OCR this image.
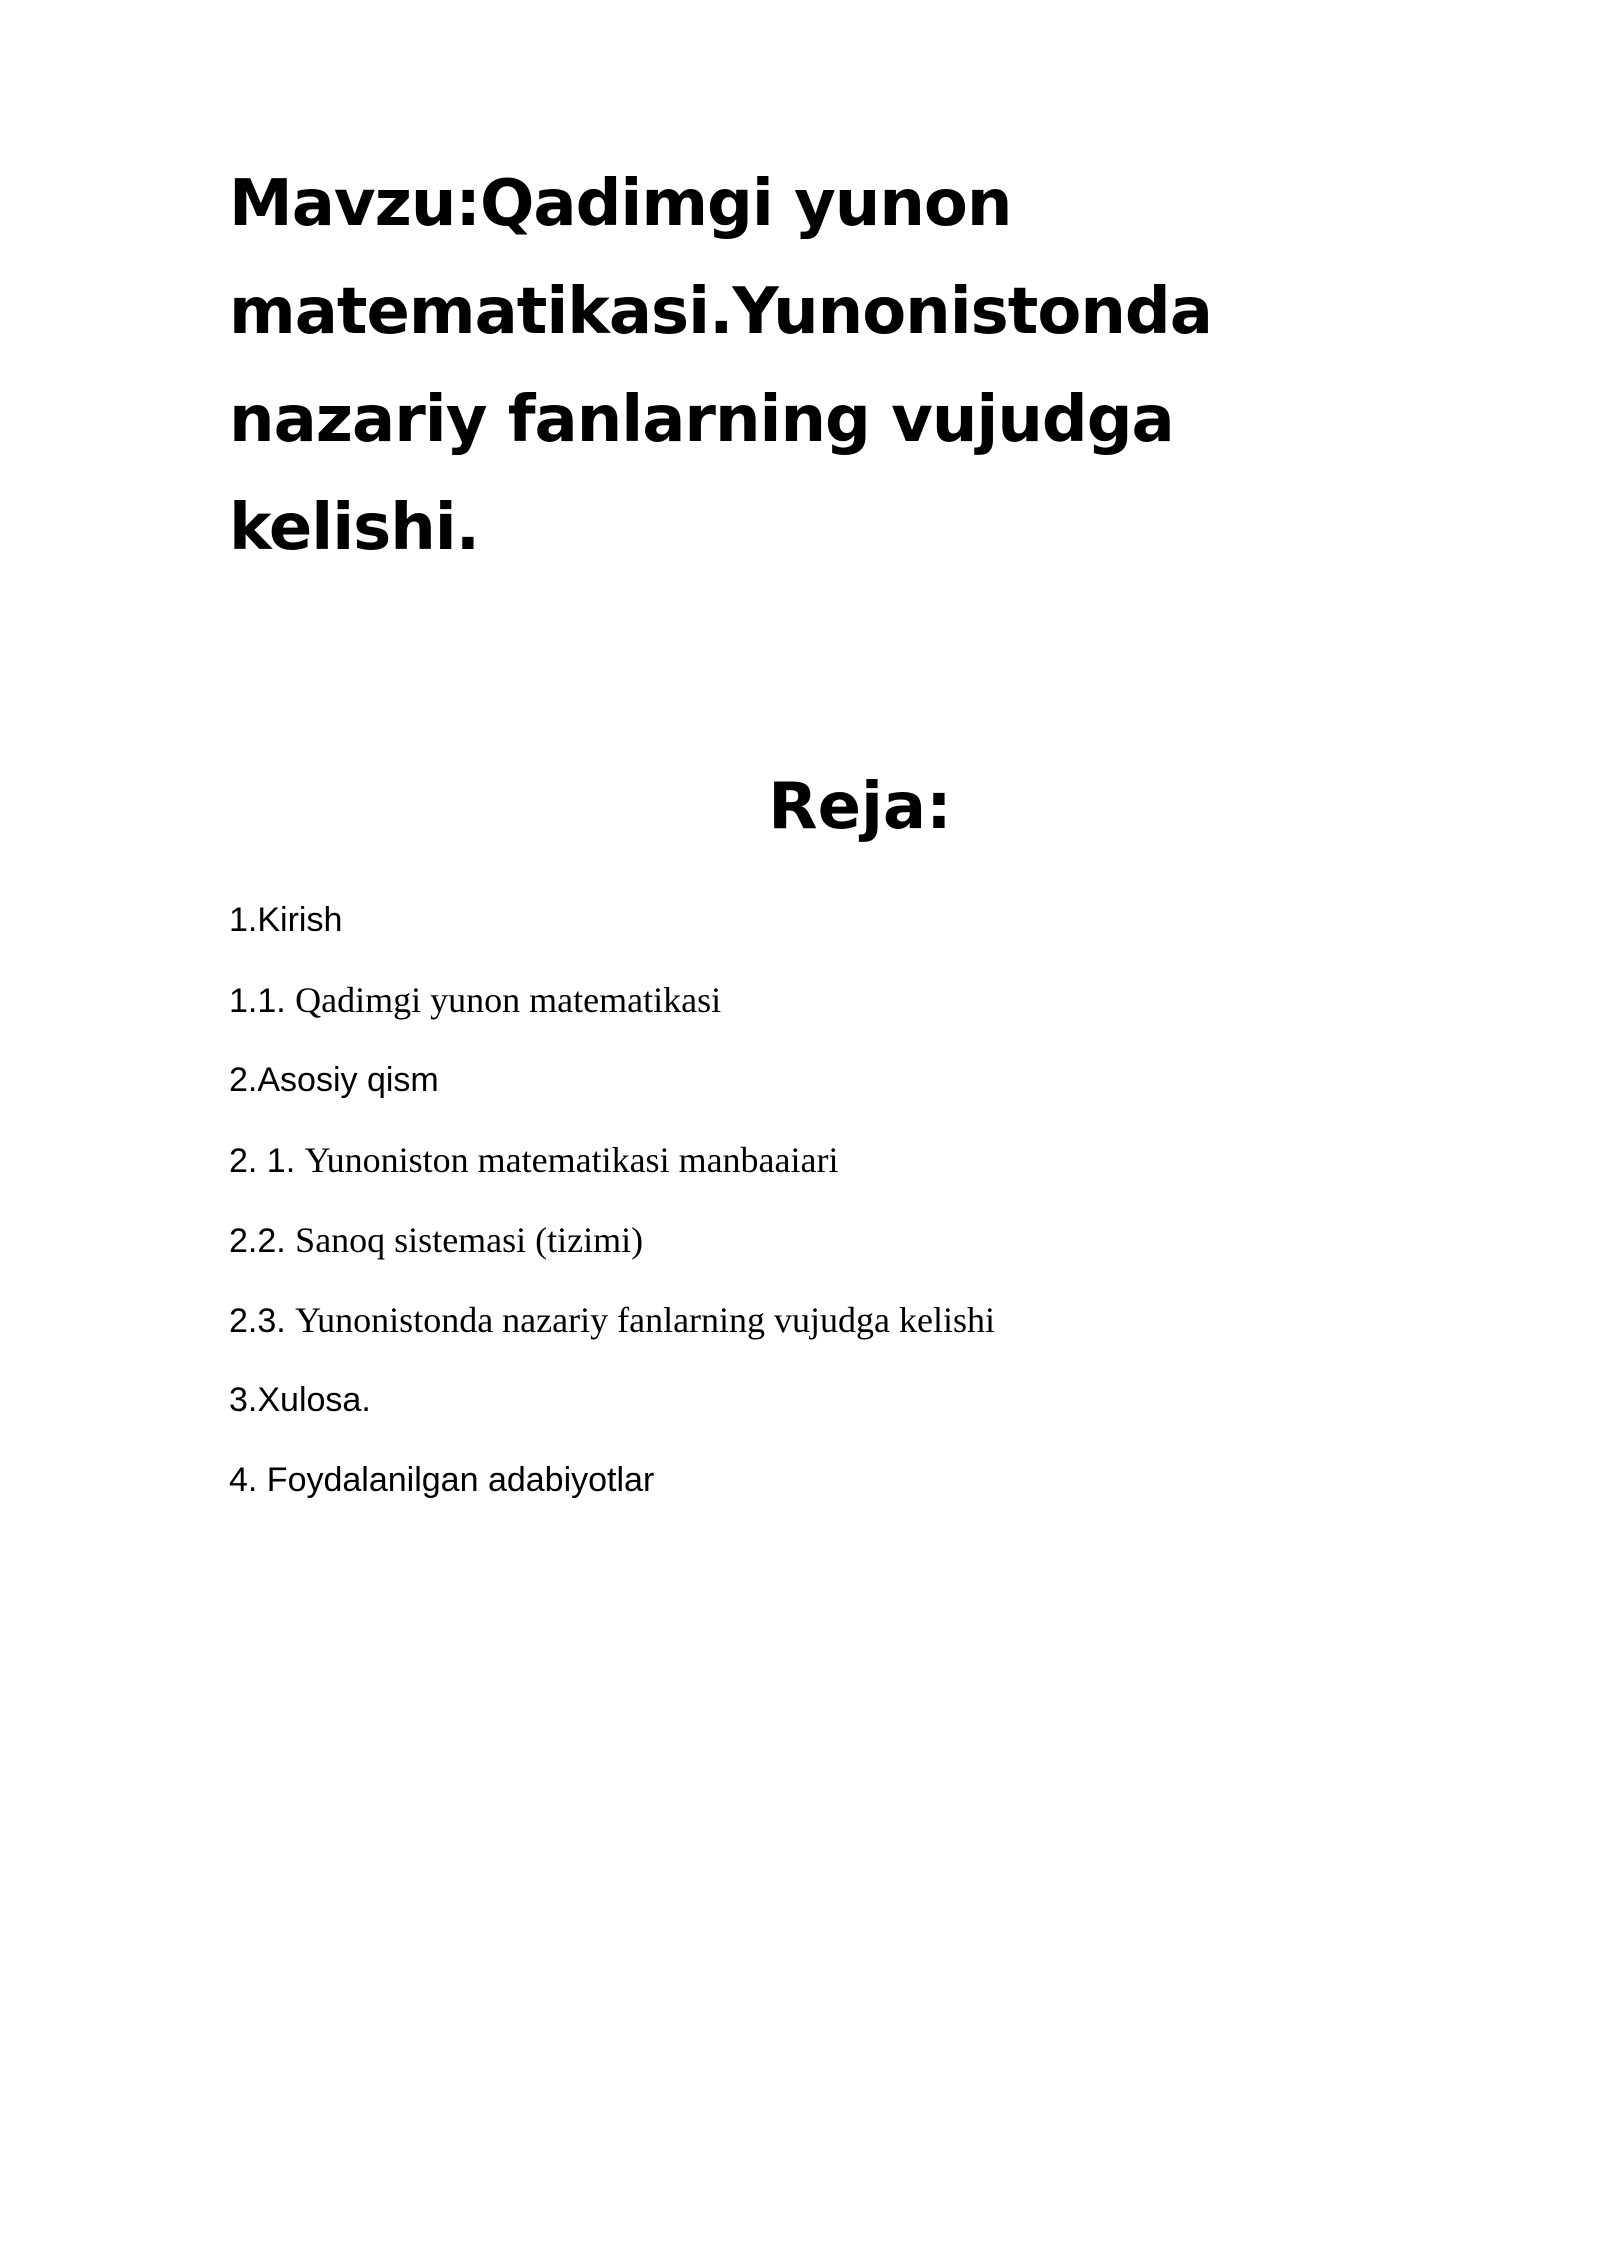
Mavzu:Qadimgi yunon matematikasi.Yunonistonda nazariy fanlarning vujudga kelishi.
Reja:
1.Kirish
1.1. Qadimgi yunon matematikasi
2.Asosiy qism
2. 1. Yunoniston matematikasi manbaaiari
2.2. Sanoq sistemasi (tizimi)
2.3. Yunonistonda nazariy fanlarning vujudga kelishi
3.Xulosa.
4. Foydalanilgan adabiyotlar
